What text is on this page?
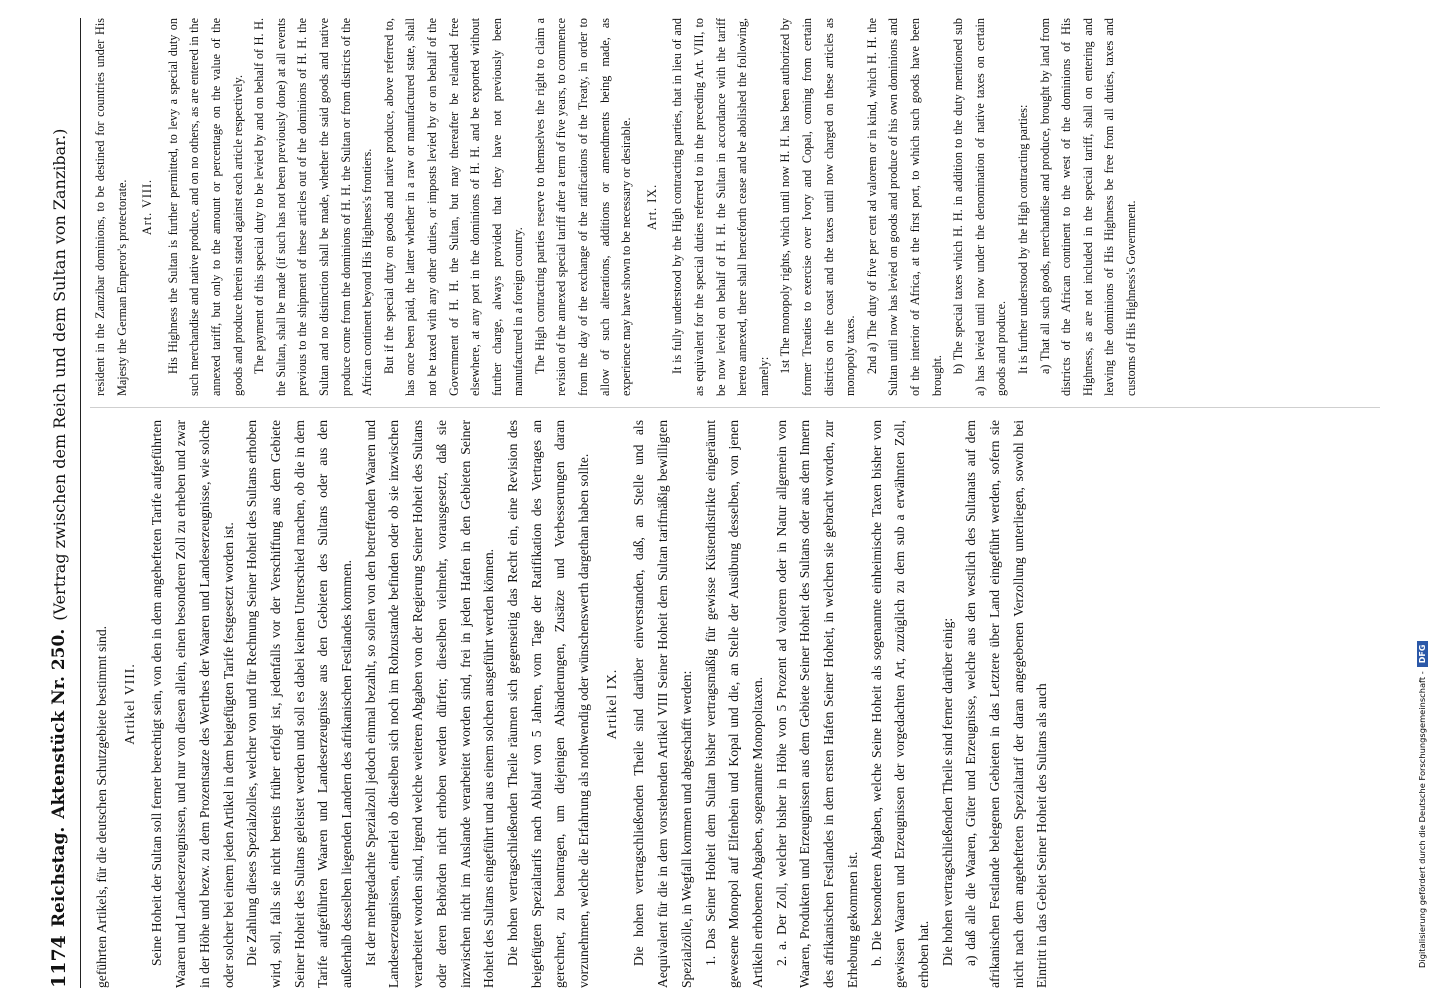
1174
Reichstag.
Aktenstück Nr. 250.
(Vertrag zwischen dem Reich und dem Sultan von Zanzibar.)

geführten Artikels, für die deutschen Schutzgebiete bestimmt sind. Artikel VIII. Seine Hoheit der Sultan soll ferner berechtigt sein, von den in dem angehefteten Tarife aufgeführten Waaren und Landeserzeugnissen, und nur von diesen allein, einen besonderen Zoll zu erheben und zwar in der Höhe und bezw. zu dem Prozentsatze des Werthes der Waaren und Landeserzeugnisse, wie solche oder solcher bei einem jeden Artikel in dem beigefügten Tarife festgesetzt worden ist. Die Zahlung dieses Spezialzolles, welcher von und für Rechnung Seiner Hoheit des Sultans erhoben wird, soll, falls sie nicht bereits früher erfolgt ist, jedenfalls vor der Verschiffung aus dem Gebiete Seiner Hoheit des Sultans geleistet werden und soll es dabei keinen Unterschied machen, ob die in dem Tarife aufgeführten Waaren und Landeserzeugnisse aus den Gebieten des Sultans oder aus den außerhalb desselben liegenden Landern des afrikanischen Festlandes kommen. Ist der mehrgedachte Spezialzoll jedoch einmal bezahlt, so sollen von den betreffenden Waaren und Landeserzeugnissen, einerlei ob dieselben sich noch im Rohzustande befinden oder ob sie inzwischen verarbeitet worden sind, irgend welche weiteren Abgaben von der Regierung Seiner Hoheit des Sultans oder deren Behörden nicht erhoben werden dürfen; dieselben vielmehr, vorausgesetzt, daß sie inzwischen nicht im Auslande verarbeitet worden sind, frei in jeden Hafen in den Gebieten Seiner Hoheit des Sultans eingeführt und aus einem solchen ausgeführt werden können. Die hohen vertragschließenden Theile räumen sich gegenseitig das Recht ein, eine Revision des beigefügten Spezialtarifs nach Ablauf von 5 Jahren, vom Tage der Ratifikation des Vertrages an gerechnet, zu beantragen, um diejenigen Abänderungen, Zusätze und Verbesserungen daran vorzunehmen, welche die Erfahrung als nothwendig oder wünschenswerth dargethan haben sollte. Artikel IX. Die hohen vertragschließenden Theile sind darüber einverstanden, daß, an Stelle und als Aequivalent für die in dem vorstehenden Artikel VIII Seiner Hoheit dem Sultan tarifmäßig bewilligten Spezialzölle, in Wegfall kommen und abgeschafft werden: 1. Das Seiner Hoheit dem Sultan bisher vertragsmäßig für gewisse Küstendistrikte eingeräumt gewesene Monopol auf Elfenbein und Kopal und die, an Stelle der Ausübung desselben, von jenen Artikeln erhobenen Abgaben, sogenannte Monopoltaxen. 2. a. Der Zoll, welcher bisher in Höhe von 5 Prozent ad valorem oder in Natur allgemein von Waaren, Produkten und Erzeugnissen aus dem Gebiete Seiner Hoheit des Sultans oder aus dem Innern des afrikanischen Festlandes in dem ersten Hafen Seiner Hoheit, in welchen sie gebracht worden, zur Erhebung gekommen ist. b. Die besonderen Abgaben, welche Seine Hoheit als sogenannte einheimische Taxen bisher von gewissen Waaren und Erzeugnissen der vorgedachten Art, zuzüglich zu dem sub a erwähnten Zoll, erhoben hat. Die hohen vertragschließenden Theile sind ferner darüber einig: a) daß alle die Waaren, Güter und Erzeugnisse, welche aus den westlich des Sultanats auf dem afrikanischen Festlande belegenen Gebieten in das Letztere über Land eingeführt werden, sofern sie nicht nach dem angehefteten Spezialtarif der daran angegebenen Verzollung unterliegen, sowohl bei Eintritt in das Gebiet Seiner Hoheit des Sultans als auch

resident in the Zanzibar dominions, to be destined for countries under His Majesty the German Emperor's protectorate. Art. VIII. His Highness the Sultan is further permitted, to levy a special duty on such merchandise and native produce, and on no others, as are entered in the annexed tariff, but only to the amount or percentage on the value of the goods and produce therein stated against each article respectively. The payment of this special duty to be levied by and on behalf of H. H. the Sultan, shall be made (if such has not been previously done) at all events previous to the shipment of these articles out of the dominions of H. H. the Sultan and no distinction shall be made, whether the said goods and native produce come from the dominions of H. H. the Sultan or from districts of the African continent beyond His Highness's frontiers. But if the special duty on goods and native produce, above referred to, has once been paid, the latter whether in a raw or manufactured state, shall not be taxed with any other duties, or imposts levied by or on behalf of the Government of H. H. the Sultan, but may thereafter be relanded free elsewhere, at any port in the dominions of H. H. and be exported without further charge, always provided that they have not previously been manufactured in a foreign country. The High contracting parties reserve to themselves the right to claim a revision of the annexed special tariff after a term of five years, to commence from the day of the exchange of the ratifications of the Treaty, in order to allow of such alterations, additions or amendments being made, as experience may have shown to be necessary or desirable. Art. IX. It is fully understood by the High contracting parties, that in lieu of and as equivalent for the special duties referred to in the preceding Art. VIII, to be now levied on behalf of H. H. the Sultan in accordance with the tariff hereto annexed, there shall henceforth cease and be abolished the following, namely:

1st The monopoly rights, which until now H. H. has been authorized by former Treaties to exercise over Ivory and Copal, coming from certain districts on the coast and the taxes until now charged on these articles as monopoly taxes. 2nd a) The duty of five per cent ad valorem or in kind, which H. H. the Sultan until now has levied on goods and produce of his own dominions and of the interior of Africa, at the first port, to which such goods have been brought.

b) The special taxes which H. H. in addition to the duty mentioned sub a) has levied until now under the denomination of native taxes on certain goods and produce. It is further understood by the High contracting parties: a) That all such goods, merchandise and produce, brought by land from districts of the African continent to the west of the dominions of His Highness, as are not included in the special tariff, shall on entering and leaving the dominions of His Highness be free from all duties, taxes and customs of His Highness's Government.

Digitalisierung gefördert durch die Deutsche Forschungsgemeinschaft -DFG
